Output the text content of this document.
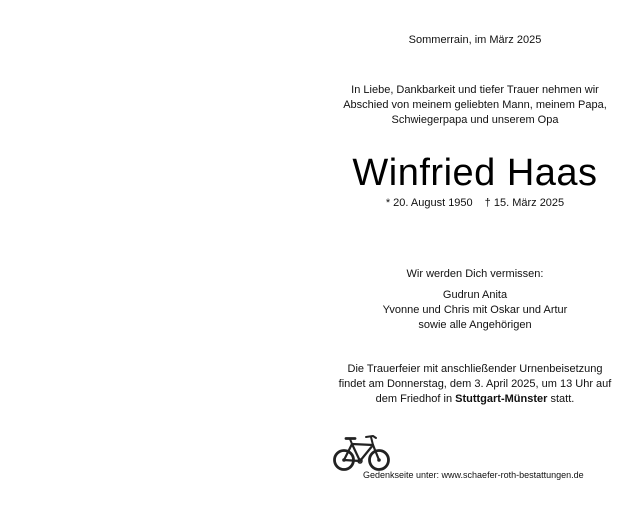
Sommerrain, im März 2025
In Liebe, Dankbarkeit und tiefer Trauer nehmen wir
Abschied von meinem geliebten Mann, meinem Papa,
Schwiegerpapa und unserem Opa
Winfried Haas
* 20. August 1950 † 15. März 2025
Wir werden Dich vermissen:
Gudrun Anita
Yvonne und Chris mit Oskar und Artur
sowie alle Angehörigen
Die Trauerfeier mit anschließender Urnenbeisetzung
findet am Donnerstag, dem 3. April 2025, um 13 Uhr auf
dem Friedhof in Stuttgart-Münster statt.
Gedenkseite unter: www.schaefer-roth-bestattungen.de
